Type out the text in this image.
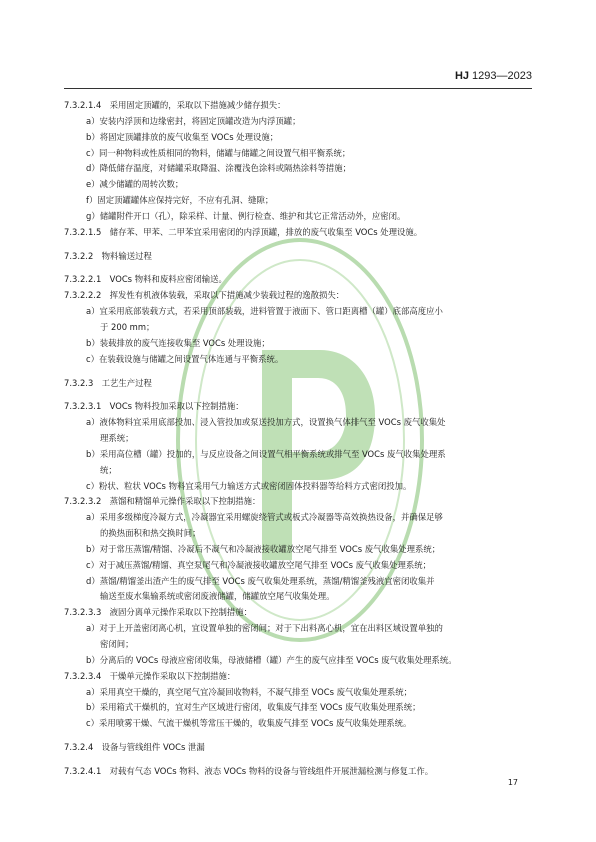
HJ 1293—2023
7.3.2.1.4　采用固定顶罐的，采取以下措施减少储存损失：
a）安装内浮顶和边缘密封，将固定顶罐改造为内浮顶罐；
b）将固定顶罐排放的废气收集至 VOCs 处理设施；
c）同一种物料或性质相同的物料，储罐与储罐之间设置气相平衡系统；
d）降低储存温度，对储罐采取降温、涂覆浅色涂料或隔热涂料等措施；
e）减少储罐的周转次数；
f）固定顶罐罐体应保持完好，不应有孔洞、缝隙；
g）储罐附件开口（孔），除采样、计量、例行检查、维护和其它正常活动外，应密闭。
7.3.2.1.5　储存苯、甲苯、二甲苯宜采用密闭的内浮顶罐，排放的废气收集至 VOCs 处理设施。
7.3.2.2　物料输送过程
7.3.2.2.1　VOCs 物料和废料应密闭输送。
7.3.2.2.2　挥发性有机液体装载，采取以下措施减少装载过程的逸散损失：
a）宜采用底部装载方式，若采用顶部装载，进料管置于液面下、管口距离槽（罐）底部高度应小
于 200 mm；
b）装载排放的废气连接收集至 VOCs 处理设施；
c）在装载设施与储罐之间设置气体连通与平衡系统。
7.3.2.3　工艺生产过程
7.3.2.3.1　VOCs 物料投加采取以下控制措施：
a）液体物料宜采用底部投加、浸入管投加或泵送投加方式，设置换气体排气至 VOCs 废气收集处
理系统；
b）采用高位槽（罐）投加的，与反应设备之间设置气相平衡系统或排气至 VOCs 废气收集处理系
统；
c）粉状、粒状 VOCs 物料宜采用气力输送方式或密闭固体投料器等给料方式密闭投加。
7.3.2.3.2　蒸馏和精馏单元操作采取以下控制措施：
a）采用多级梯度冷凝方式，冷凝器宜采用螺旋绕管式或板式冷凝器等高效换热设备，并确保足够
的换热面积和热交换时间；
b）对于常压蒸馏/精馏、冷凝后不凝气和冷凝液接收罐放空尾气排至 VOCs 废气收集处理系统；
c）对于减压蒸馏/精馏、真空泵尾气和冷凝液接收罐放空尾气排至 VOCs 废气收集处理系统；
d）蒸馏/精馏釜出渣产生的废气排至 VOCs 废气收集处理系统，蒸馏/精馏釜残液宜密闭收集并
输送至废水集输系统或密闭废液储罐，储罐放空尾气收集处理。
7.3.2.3.3　液固分离单元操作采取以下控制措施：
a）对于上开盖密闭离心机，宜设置单独的密闭间；对于下出料离心机，宜在出料区域设置单独的
密闭间；
b）分离后的 VOCs 母液应密闭收集，母液储槽（罐）产生的废气应排至 VOCs 废气收集处理系统。
7.3.2.3.4　干燥单元操作采取以下控制措施：
a）采用真空干燥的，真空尾气宜冷凝回收物料，不凝气排至 VOCs 废气收集处理系统；
b）采用箱式干燥机的，宜对生产区域进行密闭，收集废气排至 VOCs 废气收集处理系统；
c）采用喷雾干燥、气流干燥机等常压干燥的，收集废气排至 VOCs 废气收集处理系统。
7.3.2.4　设备与管线组件 VOCs 泄漏
7.3.2.4.1　对载有气态 VOCs 物料、液态 VOCs 物料的设备与管线组件开展泄漏检测与修复工作。
17
